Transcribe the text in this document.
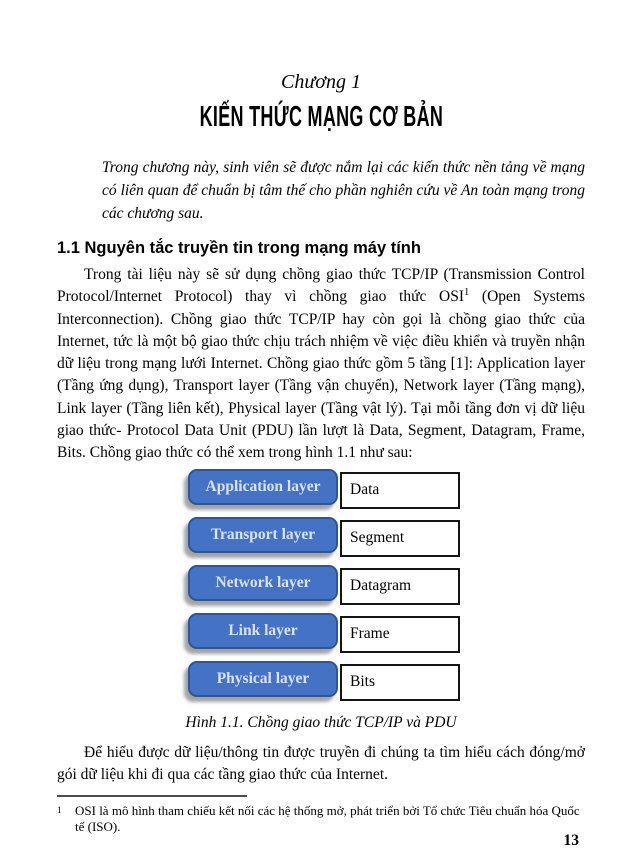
Chương 1
KIẾN THỨC MẠNG CƠ BẢN

Trong chương này, sinh viên sẽ được nắm lại các kiến thức nền tảng về mạng có liên quan để chuẩn bị tâm thế cho phần nghiên cứu về An toàn mạng trong các chương sau.

1.1 Nguyên tắc truyền tin trong mạng máy tính

Trong tài liệu này sẽ sử dụng chồng giao thức TCP/IP (Transmission Control Protocol/Internet Protocol) thay vì chồng giao thức OSI$^1$ (Open Systems Interconnection). Chồng giao thức TCP/IP hay còn gọi là chồng giao thức của Internet, tức là một bộ giao thức chịu trách nhiệm về việc điều khiển và truyền nhận dữ liệu trong mạng lưới Internet. Chồng giao thức gồm 5 tầng [1]: Application layer (Tầng ứng dụng), Transport layer (Tầng vận chuyển), Network layer (Tầng mạng), Link layer (Tầng liên kết), Physical layer (Tầng vật lý). Tại mỗi tầng đơn vị dữ liệu giao thức- Protocol Data Unit (PDU) lần lượt là Data, Segment, Datagram, Frame, Bits. Chồng giao thức có thể xem trong hình 1.1 như sau:

Application layer	Data
Transport layer	Segment
Network layer	Datagram
Link layer	Frame
Physical layer	Bits
Hình 1.1. Chồng giao thức TCP/IP và PDU

Để hiểu được dữ liệu/thông tin được truyền đi chúng ta tìm hiểu cách đóng/mở gói dữ liệu khi đi qua các tầng giao thức của Internet.

1	OSI là mô hình tham chiếu kết nối các hệ thống mở, phát triển bởi Tổ chức Tiêu chuẩn hóa Quốc tế (ISO).
13
